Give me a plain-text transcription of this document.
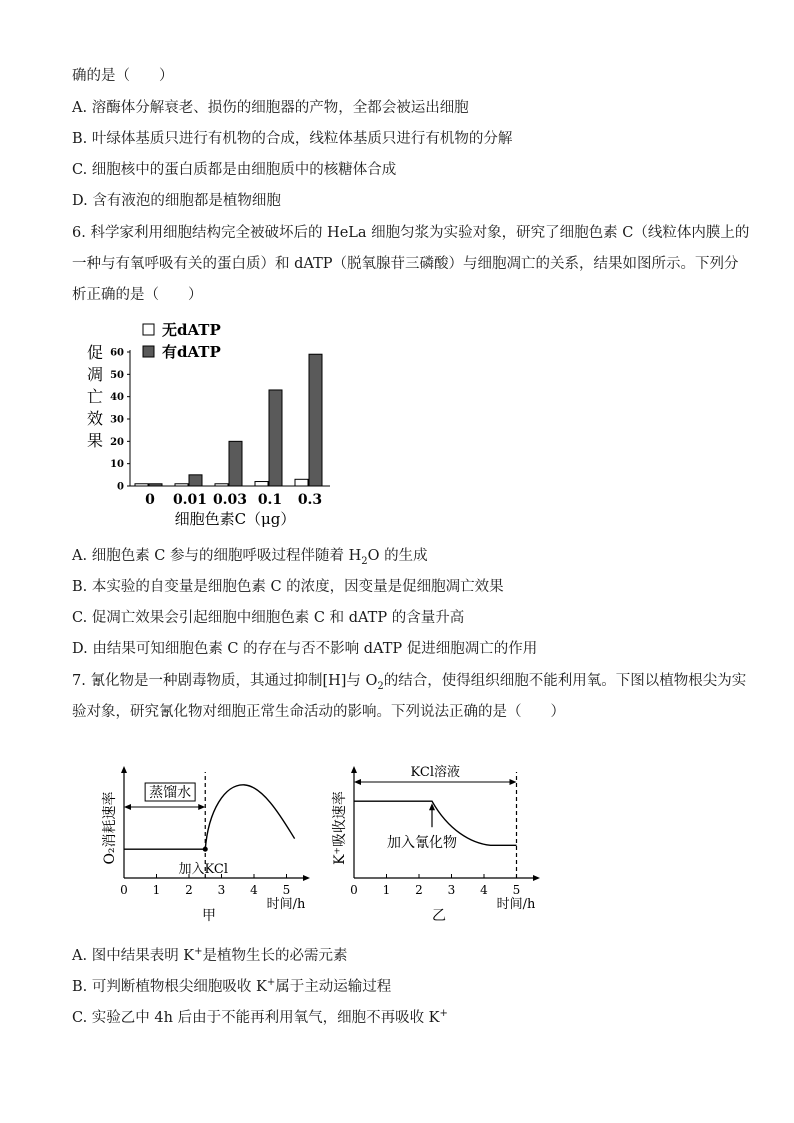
确的是（　　）
A. 溶酶体分解衰老、损伤的细胞器的产物，全都会被运出细胞
B. 叶绿体基质只进行有机物的合成，线粒体基质只进行有机物的分解
C. 细胞核中的蛋白质都是由细胞质中的核糖体合成
D. 含有液泡的细胞都是植物细胞
6. 科学家利用细胞结构完全被破坏后的 HeLa 细胞匀浆为实验对象，研究了细胞色素 C（线粒体内膜上的
一种与有氧呼吸有关的蛋白质）和 dATP（脱氧腺苷三磷酸）与细胞凋亡的关系，结果如图所示。下列分
析正确的是（　　）
0
10
20
30
40
50
60
促
凋
亡
效
果
0 0.01 0.03 0.1 0.3
细胞色素C（μg）
无dATP
有dATP
A. 细胞色素 C 参与的细胞呼吸过程伴随着 $H_2O$ 的生成
B. 本实验的自变量是细胞色素 C 的浓度，因变量是促细胞凋亡效果
C. 促凋亡效果会引起细胞中细胞色素 C 和 dATP 的含量升高
D. 由结果可知细胞色素 C 的存在与否不影响 dATP 促进细胞凋亡的作用
7. 氰化物是一种剧毒物质，其通过抑制[H]与 $O_2$的结合，使得组织细胞不能利用氧。下图以植物根尖为实
验对象，研究氰化物对细胞正常生命活动的影响。下列说法正确的是（　　）
0 1 2 3 4 5
时间/h
甲
O₂消耗速率 蒸馏水
加入KCl
0 1 2 3 4 5
时间/h
乙
K⁺吸收速率
KCl溶液
加入氰化物
A. 图中结果表明 K+是植物生长的必需元素
B. 可判断植物根尖细胞吸收 K+属于主动运输过程
C. 实验乙中 4h 后由于不能再利用氧气，细胞不再吸收 K+
